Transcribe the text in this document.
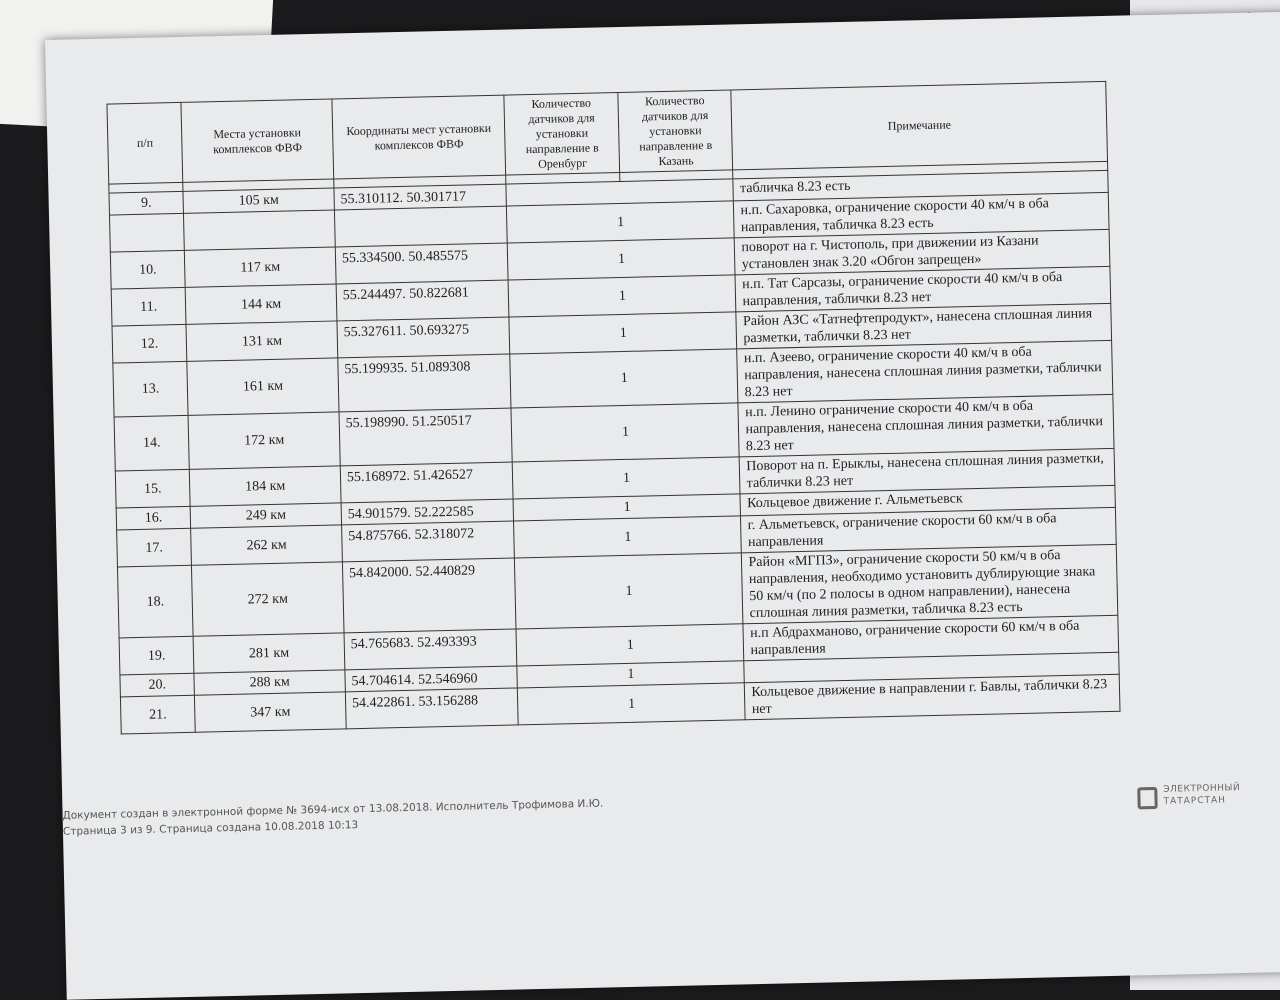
п/п	Места установки комплексов ФВФ	Координаты мест установки комплексов ФВФ	Количество датчиков для установки направление в Оренбург	Количество датчиков для установки направление в Казань	Примечание

9.	105 км	55.310112. 50.301717			табличка 8.23 есть
			1		н.п. Сахаровка, ограничение скорости 40 км/ч в оба направления, табличка 8.23 есть
10.	117 км	55.334500. 50.485575	1		поворот на г. Чистополь, при движении из Казани установлен знак 3.20 «Обгон запрещен»
11.	144 км	55.244497. 50.822681	1		н.п. Тат Сарсазы, ограничение скорости 40 км/ч в оба направления, таблички 8.23 нет
12.	131 км	55.327611. 50.693275	1		Район АЗС «Татнефтепродукт», нанесена сплошная линия разметки, таблички 8.23 нет
13.	161 км	55.199935. 51.089308	1		н.п. Азеево, ограничение скорости 40 км/ч в оба направления, нанесена сплошная линия разметки, таблички 8.23 нет
14.	172 км	55.198990. 51.250517	1		н.п. Ленино ограничение скорости 40 км/ч в оба направления, нанесена сплошная линия разметки, таблички 8.23 нет
15.	184 км	55.168972. 51.426527	1		Поворот на п. Ерыклы, нанесена сплошная линия разметки, таблички 8.23 нет
16.	249 км	54.901579. 52.222585	1		Кольцевое движение г. Альметьевск
17.	262 км	54.875766. 52.318072	1		г. Альметьевск, ограничение скорости 60 км/ч в оба направления
18.	272 км	54.842000. 52.440829	1		Район «МГПЗ», ограничение скорости 50 км/ч в оба направления, необходимо установить дублирующие знака 50 км/ч (по 2 полосы в одном направлении), нанесена сплошная линия разметки, табличка 8.23 есть
19.	281 км	54.765683. 52.493393	1		н.п Абдрахманово, ограничение скорости 60 км/ч в оба направления
20.	288 км	54.704614. 52.546960	1		
21.	347 км	54.422861. 53.156288	1		Кольцевое движение в направлении г. Бавлы, таблички 8.23 нет
Документ создан в электронной форме № 3694-исх от 13.08.2018. Исполнитель Трофимова И.Ю.
Страница 3 из 9. Страница создана 10.08.2018 10:13
ЭЛЕКТРОННЫЙ
ТАТАРСТАН
